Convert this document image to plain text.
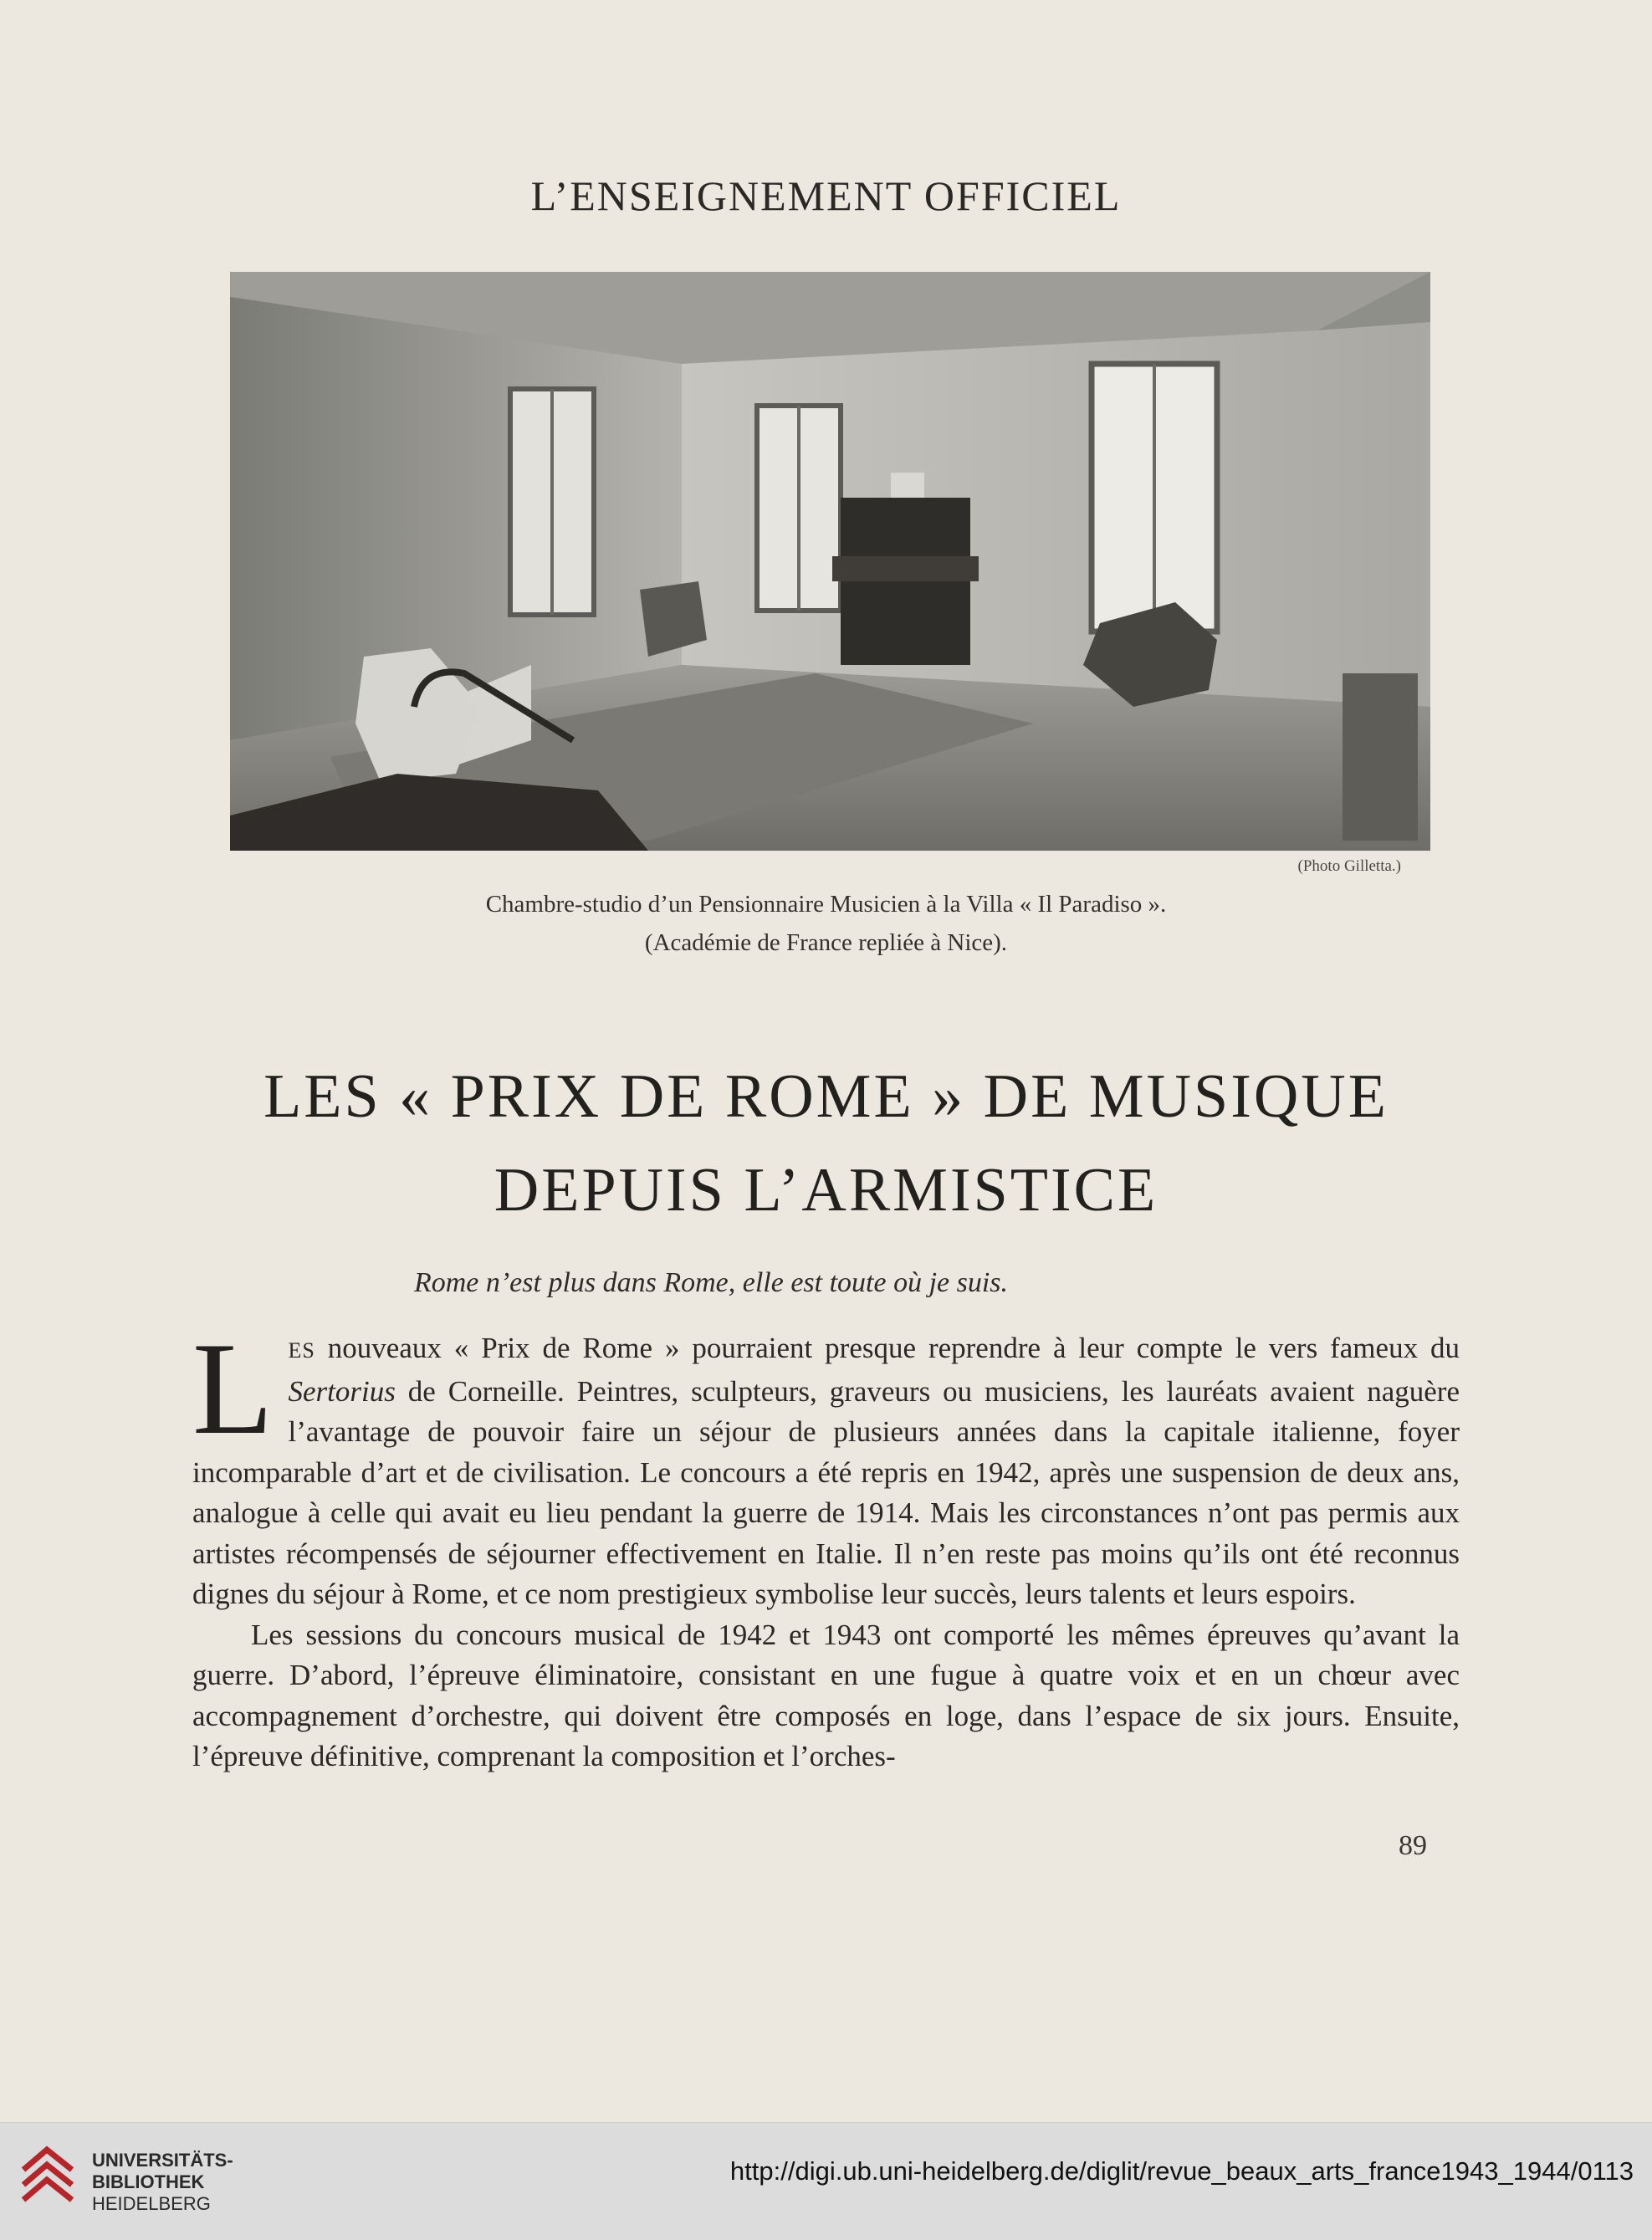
L’ENSEIGNEMENT OFFICIEL
(Photo Gilletta.)
Chambre-studio d’un Pensionnaire Musicien à la Villa « Il Paradiso ».
(Académie de France repliée à Nice).
LES « PRIX DE ROME » DE MUSIQUE
DEPUIS L’ARMISTICE
Rome n’est plus dans Rome, elle est toute où je suis.

LES nouveaux « Prix de Rome » pourraient presque reprendre à leur compte le vers fameux du Sertorius de Corneille. Peintres, sculpteurs, graveurs ou musiciens, les lauréats avaient naguère l’avantage de pouvoir faire un séjour de plusieurs années dans la capitale italienne, foyer incomparable d’art et de civilisation. Le concours a été repris en 1942, après une suspension de deux ans, analogue à celle qui avait eu lieu pendant la guerre de 1914. Mais les circonstances n’ont pas permis aux artistes récompensés de séjourner effectivement en Italie. Il n’en reste pas moins qu’ils ont été reconnus dignes du séjour à Rome, et ce nom prestigieux symbolise leur succès, leurs talents et leurs espoirs.

Les sessions du concours musical de 1942 et 1943 ont comporté les mêmes épreuves qu’avant la guerre. D’abord, l’épreuve éliminatoire, consistant en une fugue à quatre voix et en un chœur avec accompagnement d’orchestre, qui doivent être composés en loge, dans l’espace de six jours. Ensuite, l’épreuve définitive, comprenant la composition et l’orches-

89
UNIVERSITÄTS-
BIBLIOTHEK
HEIDELBERG
http://digi.ub.uni-heidelberg.de/diglit/revue_beaux_arts_france1943_1944/0113
